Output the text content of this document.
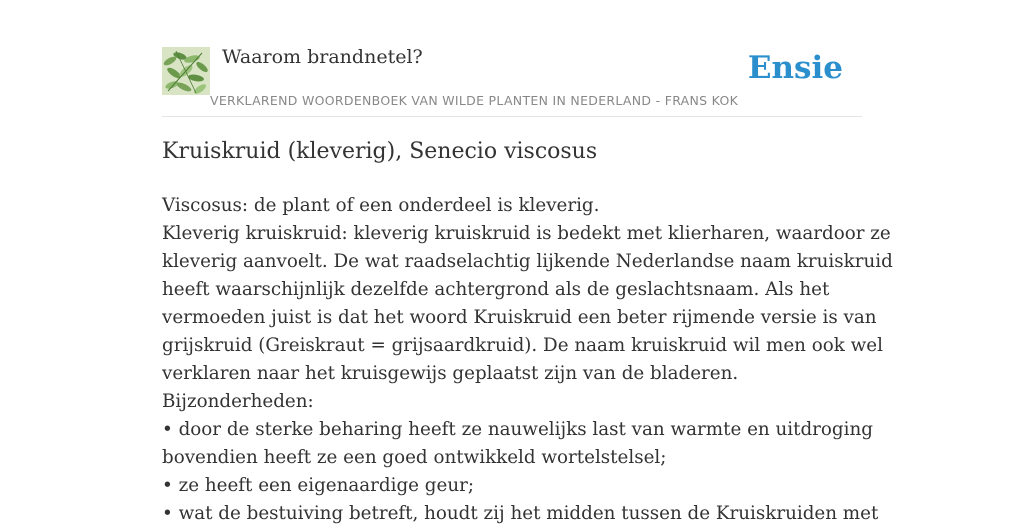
Waarom brandnetel?
VERKLAREND WOORDENBOEK VAN WILDE PLANTEN IN NEDERLAND - FRANS KOK
Ensie
Kruiskruid (kleverig), Senecio viscosus
Viscosus: de plant of een onderdeel is kleverig.
Kleverig kruiskruid: kleverig kruiskruid is bedekt met klierharen, waardoor ze
kleverig aanvoelt. De wat raadselachtig lijkende Nederlandse naam kruiskruid
heeft waarschijnlijk dezelfde achtergrond als de geslachtsnaam. Als het
vermoeden juist is dat het woord Kruiskruid een beter rijmende versie is van
grijskruid (Greiskraut = grijsaardkruid). De naam kruiskruid wil men ook wel
verklaren naar het kruisgewijs geplaatst zijn van de bladeren.
Bijzonderheden:
• door de sterke beharing heeft ze nauwelijks last van warmte en uitdroging
bovendien heeft ze een goed ontwikkeld wortelstelsel;
• ze heeft een eigenaardige geur;
• wat de bestuiving betreft, houdt zij het midden tussen de Kruiskruiden met
